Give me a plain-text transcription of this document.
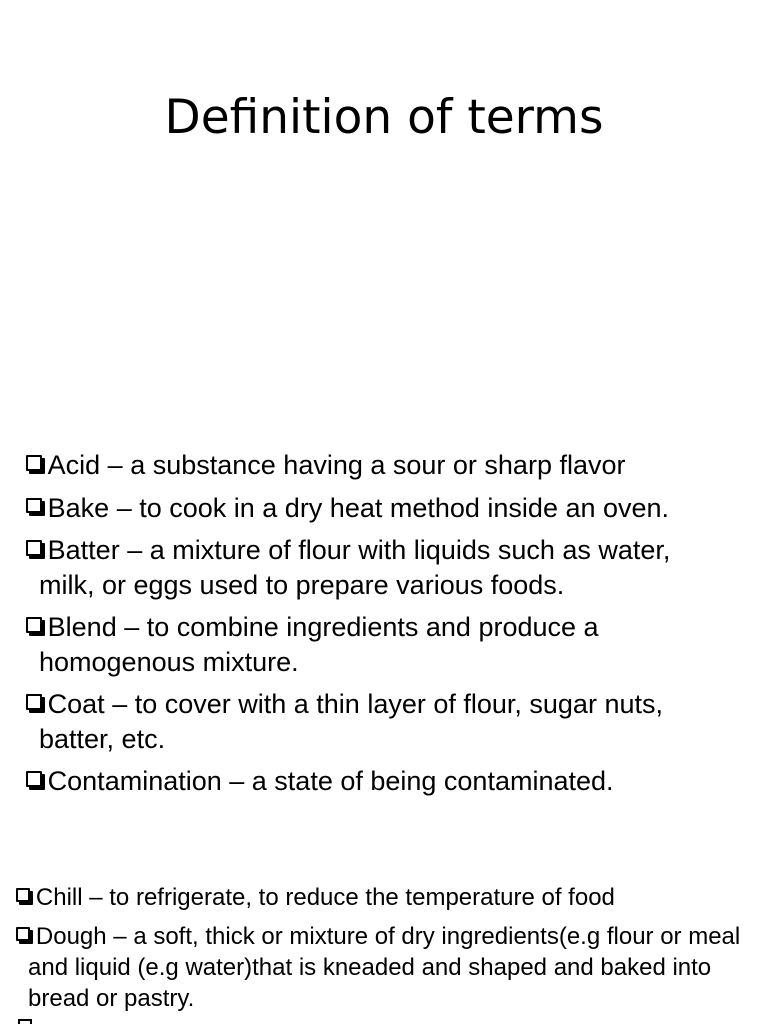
Definition of terms
Acid – a substance having a sour or sharp flavor
Bake – to cook in a dry heat method inside an oven.
Batter – a mixture of flour with liquids such as water, milk, or eggs used to prepare various foods.
Blend – to combine ingredients and produce a homogenous mixture.
Coat – to cover with a thin layer of flour, sugar nuts, batter, etc.
Contamination – a state of being contaminated.
Chill – to refrigerate, to reduce the temperature of food
Dough – a soft, thick or mixture of dry ingredients(e.g flour or meal and liquid (e.g water)that is kneaded and shaped and baked into bread or pastry.
